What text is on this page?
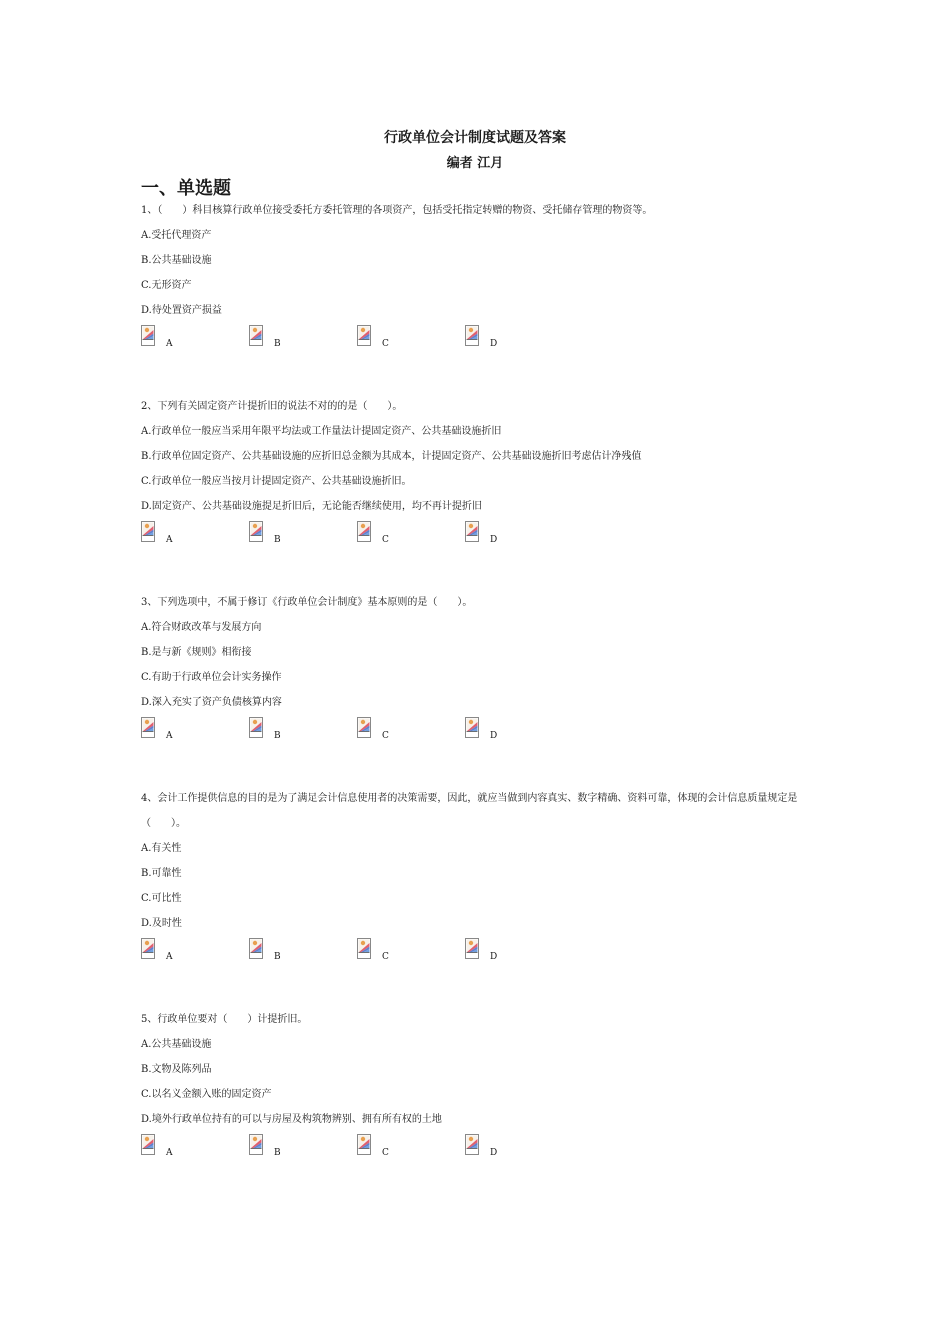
行政单位会计制度试题及答案
编者 江月
一、单选题

1、（　　）科目核算行政单位接受委托方委托管理的各项资产，包括受托指定转赠的物资、受托储存管理的物资等。

A.受托代理资产

B.公共基础设施

C.无形资产

D.待处置资产损益

A	B	C	D

2、下列有关固定资产计提折旧的说法不对的的是（　　）。

A.行政单位一般应当采用年限平均法或工作量法计提固定资产、公共基础设施折旧

B.行政单位固定资产、公共基础设施的应折旧总金额为其成本，计提固定资产、公共基础设施折旧考虑估计净残值

C.行政单位一般应当按月计提固定资产、公共基础设施折旧。

D.固定资产、公共基础设施提足折旧后，无论能否继续使用，均不再计提折旧

A	B	C	D

3、下列选项中，不属于修订《行政单位会计制度》基本原则的是（　　）。

A.符合财政改革与发展方向

B.是与新《规则》相衔接

C.有助于行政单位会计实务操作

D.深入充实了资产负债核算内容

A	B	C	D

4、会计工作提供信息的目的是为了满足会计信息使用者的决策需要，因此，就应当做到内容真实、数字精确、资料可靠，体现的会计信息质量规定是（　　）。

A.有关性

B.可靠性

C.可比性

D.及时性

A	B	C	D

5、行政单位要对（　　）计提折旧。

A.公共基础设施

B.文物及陈列品

C.以名义金额入账的固定资产

D.境外行政单位持有的可以与房屋及构筑物辨别、拥有所有权的土地

A	B	C	D
